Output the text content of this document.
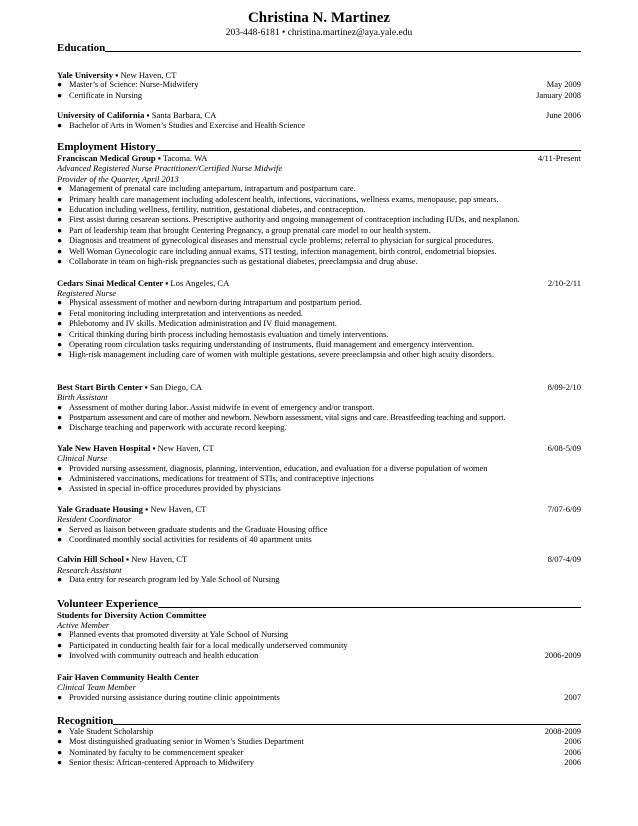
Christina N. Martinez
203-448-6181 • christina.martinez@aya.yale.edu
Education
Yale University ▪ New Haven, CT
● Master’s of Science: Nurse-Midwifery	May 2009
● Certificate in Nursing	January 2008
University of California ▪ Santa Barbara, CA	June 2006
● Bachelor of Arts in Women’s Studies and Exercise and Health Science
Employment History
Franciscan Medical Group ▪ Tacoma. WA	4/11-Present
Advanced Registered Nurse Practitioner/Certified Nurse Midwife
Provider of the Quarter, April 2013
● Management of prenatal care including antepartum, intrapartum and postpartum care.
● Primary health care management including adolescent health, infections, vaccinations, wellness exams, menopause, pap smears.
● Education including wellness, fertility, nutrition, gestational diabetes, and contraception.
● First assist during cesarean sections. Prescriptive authority and ongoing management of contraception including IUDs, and nexplanon.
● Part of leadership team that brought Centering Pregnancy, a group prenatal care model to our health system.
● Diagnosis and treatment of gynecological diseases and menstrual cycle problems; referral to physician for surgical procedures.
● Well Woman Gynecologic care including annual exams, STI testing, infection management, birth control, endometrial biopsies.
● Collaborate in team on high-risk pregnancies such as gestational diabetes, preeclampsia and drug abuse.
Cedars Sinai Medical Center ▪ Los Angeles, CA	2/10-2/11
Registered Nurse
● Physical assessment of mother and newborn during intrapartum and postpartum period.
● Fetal monitoring including interpretation and interventions as needed.
● Phlebotomy and IV skills. Medication administration and IV fluid management.
● Critical thinking during birth process including hemostasis evaluation and timely interventions.
● Operating room circulation tasks requiring understanding of instruments, fluid management and emergency intervention.
● High-risk management including care of women with multiple gestations, severe preeclampsia and other high acuity disorders.
Best Start Birth Center ▪ San Diego, CA	8/09-2/10
Birth Assistant
● Assessment of mother during labor. Assist midwife in event of emergency and/or transport.
● Postpartum assessment and care of mother and newborn. Newborn assessment, vital signs and care. Breastfeeding teaching and support.
● Discharge teaching and paperwork with accurate record keeping.
Yale New Haven Hospital ▪ New Haven, CT	6/08-5/09
Clinical Nurse
● Provided nursing assessment, diagnosis, planning, intervention, education, and evaluation for a diverse population of women
● Administered vaccinations, medications for treatment of STIs, and contraceptive injections
● Assisted in special in-office procedures provided by physicians
Yale Graduate Housing ▪ New Haven, CT	7/07-6/09
Resident Coordinator
● Served as liaison between graduate students and the Graduate Housing office
● Coordinated monthly social activities for residents of 40 apartment units
Calvin Hill School ▪ New Haven, CT	8/07-4/09
Research Assistant
● Data entry for research program led by Yale School of Nursing
Volunteer Experience
Students for Diversity Action Committee
Active Member
● Planned events that promoted diversity at Yale School of Nursing
● Participated in conducting health fair for a local medically underserved community
● Involved with community outreach and health education	2006-2009
Fair Haven Community Health Center
Clinical Team Member
● Provided nursing assistance during routine clinic appointments	2007
Recognition
● Yale Student Scholarship	2008-2009
● Most distinguished graduating senior in Women’s Studies Department	2006
● Nominated by faculty to be commencement speaker	2006
● Senior thesis: African-centered Approach to Midwifery	2006
